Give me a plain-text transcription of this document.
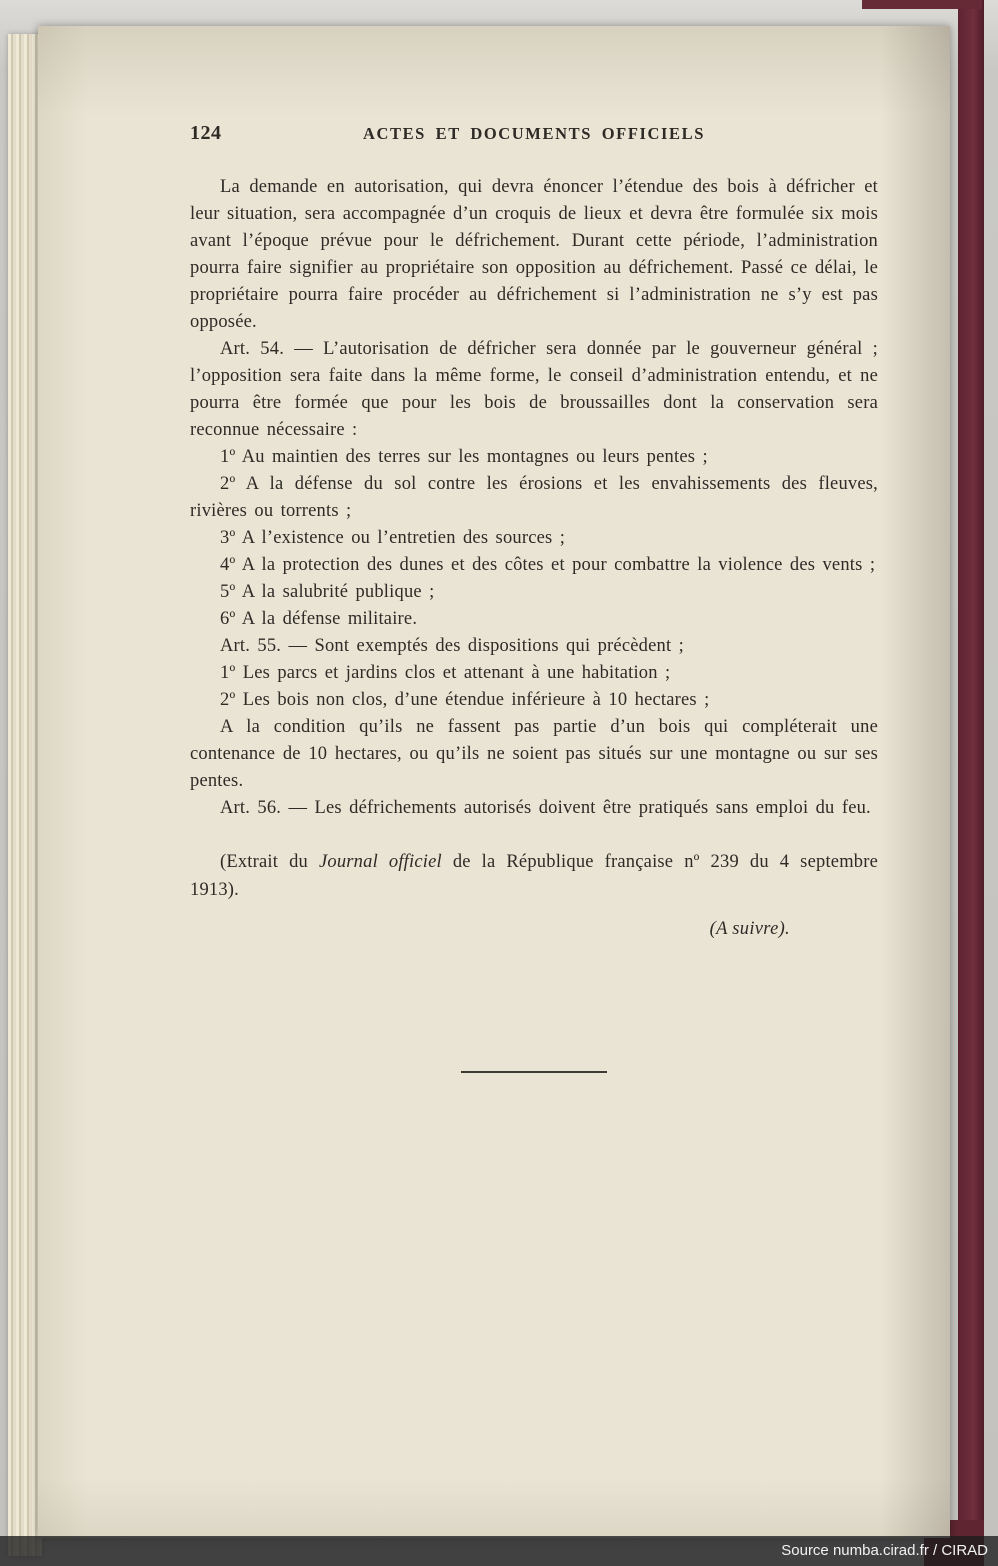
124	ACTES ET DOCUMENTS OFFICIELS

La demande en autorisation, qui devra énoncer l’étendue des bois à défricher et leur situation, sera accompagnée d’un croquis de lieux et devra être formulée six mois avant l’époque prévue pour le défrichement. Durant cette période, l’administration pourra faire signifier au propriétaire son opposition au défrichement. Passé ce délai, le propriétaire pourra faire procéder au défrichement si l’administration ne s’y est pas opposée.

Art. 54. — L’autorisation de défricher sera donnée par le gouverneur général ; l’opposition sera faite dans la même forme, le conseil d’administration entendu, et ne pourra être formée que pour les bois de broussailles dont la conservation sera reconnue nécessaire :

1º Au maintien des terres sur les montagnes ou leurs pentes ;

2º A la défense du sol contre les érosions et les envahissements des fleuves, rivières ou torrents ;

3º A l’existence ou l’entretien des sources ;

4º A la protection des dunes et des côtes et pour combattre la violence des vents ;

5º A la salubrité publique ;

6º A la défense militaire.

Art. 55. — Sont exemptés des dispositions qui précèdent ;

1º Les parcs et jardins clos et attenant à une habitation ;

2º Les bois non clos, d’une étendue inférieure à 10 hectares ;

A la condition qu’ils ne fassent pas partie d’un bois qui compléterait une contenance de 10 hectares, ou qu’ils ne soient pas situés sur une montagne ou sur ses pentes.

Art. 56. — Les défrichements autorisés doivent être pratiqués sans emploi du feu.

(Extrait du Journal officiel de la République française nº 239 du 4 septembre 1913).

(A suivre).

Source numba.cirad.fr / CIRAD
